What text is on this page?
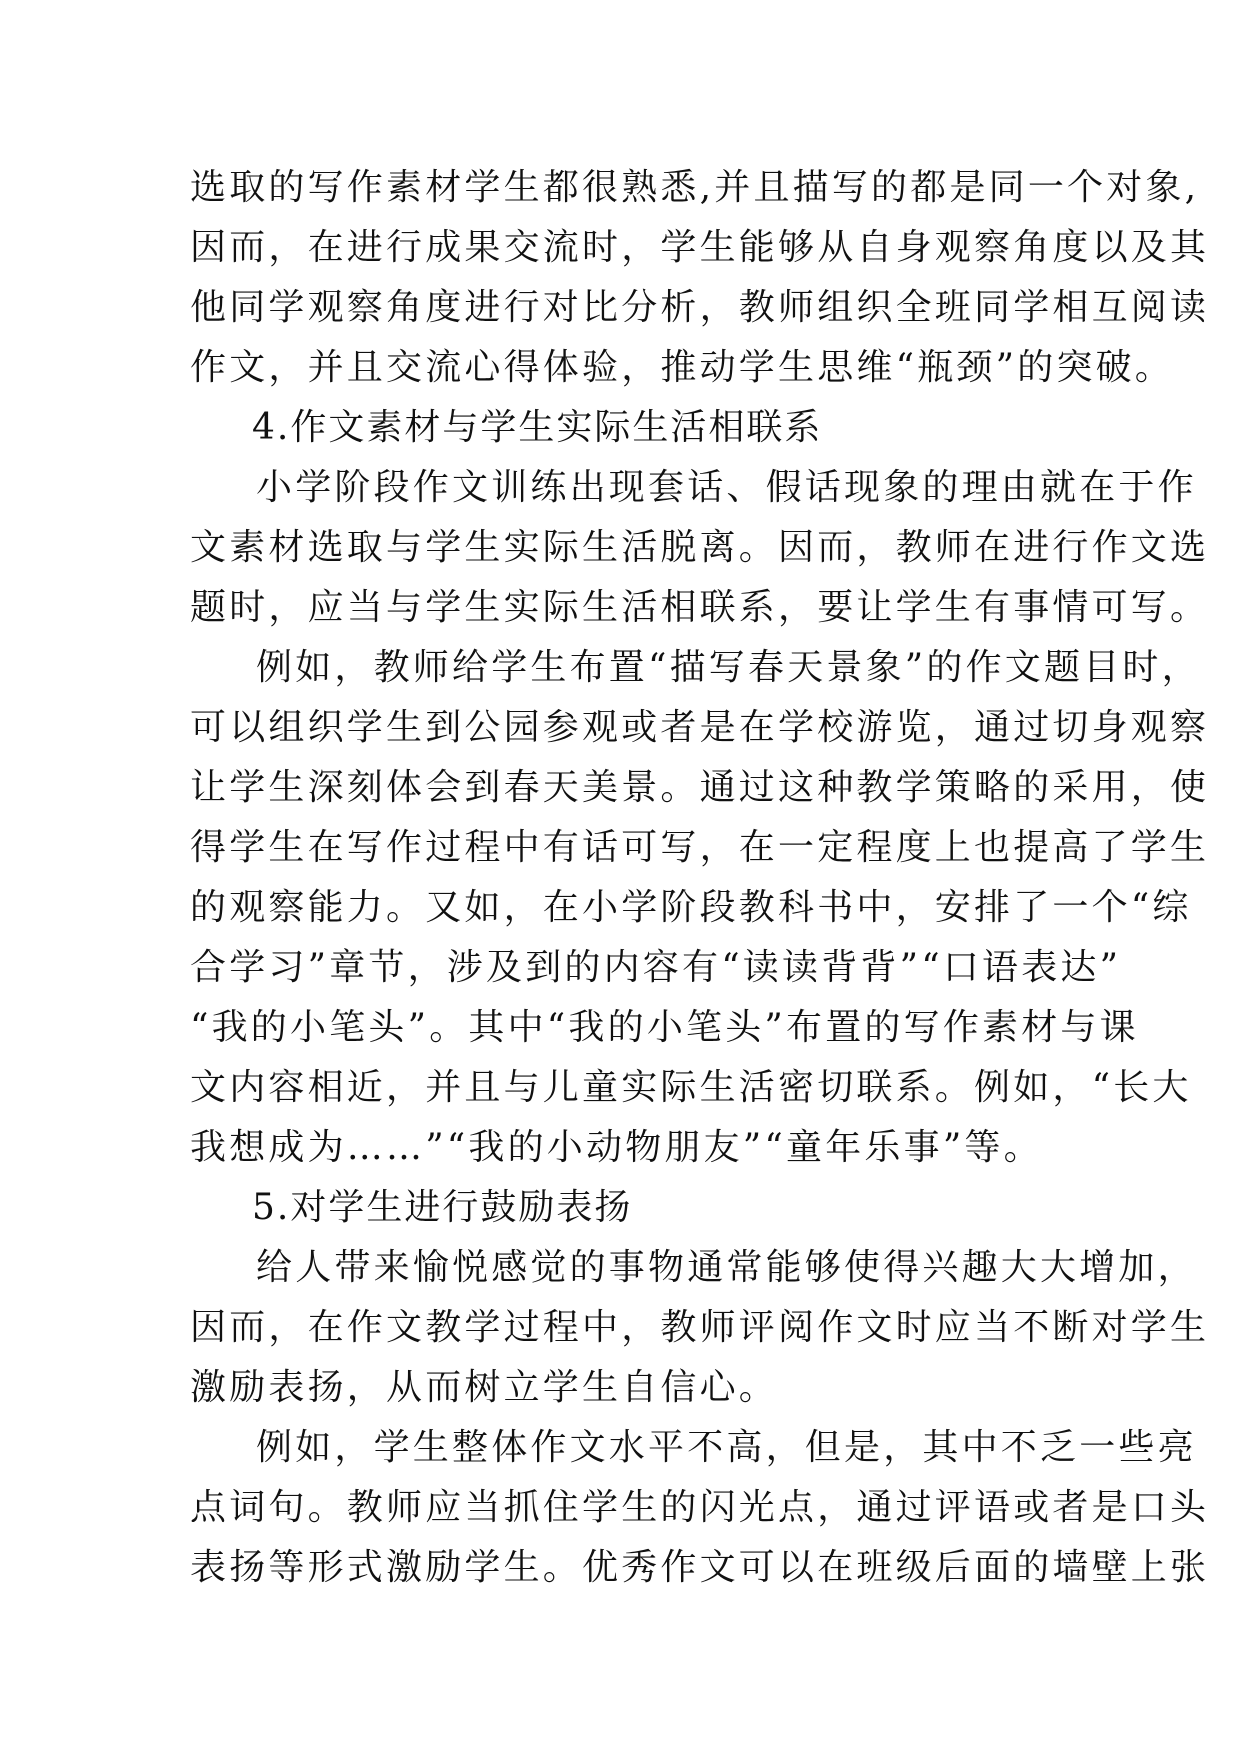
选取的写作素材学生都很熟悉,并且描写的都是同一个对象,
因而，在进行成果交流时，学生能够从自身观察角度以及其
他同学观察角度进行对比分析，教师组织全班同学相互阅读
作文，并且交流心得体验，推动学生思维“瓶颈”的突破。
4.作文素材与学生实际生活相联系
小学阶段作文训练出现套话、假话现象的理由就在于作
文素材选取与学生实际生活脱离。因而，教师在进行作文选
题时，应当与学生实际生活相联系，要让学生有事情可写。
例如，教师给学生布置“描写春天景象”的作文题目时，
可以组织学生到公园参观或者是在学校游览，通过切身观察
让学生深刻体会到春天美景。通过这种教学策略的采用，使
得学生在写作过程中有话可写，在一定程度上也提高了学生
的观察能力。又如，在小学阶段教科书中，安排了一个“综
合学习”章节，涉及到的内容有“读读背背”“口语表达”
“我的小笔头”。其中“我的小笔头”布置的写作素材与课
文内容相近，并且与儿童实际生活密切联系。例如，“长大
我想成为……”“我的小动物朋友”“童年乐事”等。
5.对学生进行鼓励表扬
给人带来愉悦感觉的事物通常能够使得兴趣大大增加，
因而，在作文教学过程中，教师评阅作文时应当不断对学生
激励表扬，从而树立学生自信心。
例如，学生整体作文水平不高，但是，其中不乏一些亮
点词句。教师应当抓住学生的闪光点，通过评语或者是口头
表扬等形式激励学生。优秀作文可以在班级后面的墙壁上张
